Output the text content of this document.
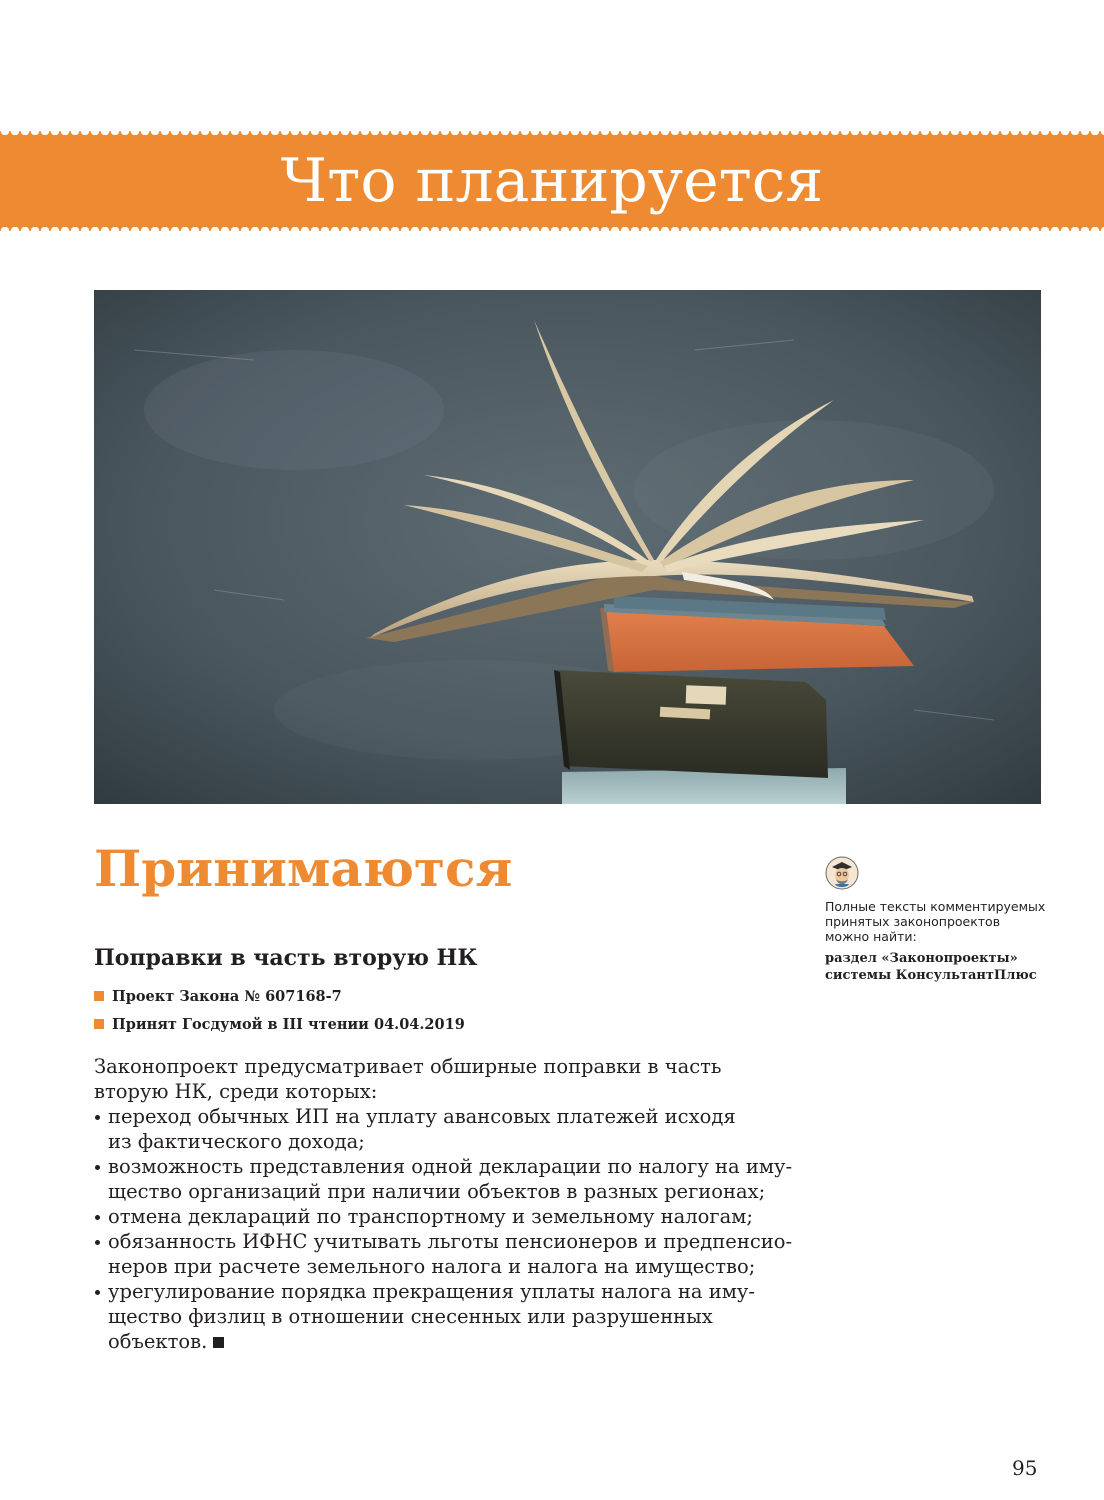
Что планируется
Принимаются
Поправки в часть вторую НК
Проект Закона № 607168-7
Принят Госдумой в III чтении 04.04.2019

Законопроект предусматривает обширные поправки в часть
вторую НК, среди которых:

переход обычных ИП на уплату авансовых платежей исходя
из фактического дохода;
возможность представления одной декларации по налогу на иму-
щество организаций при наличии объектов в разных регионах;
отмена деклараций по транспортному и земельному налогам;
обязанность ИФНС учитывать льготы пенсионеров и предпенсио-
неров при расчете земельного налога и налога на имущество;
урегулирование порядка прекращения уплаты налога на иму-
щество физлиц в отношении снесенных или разрушенных
объектов.
Полные тексты комментируемых
принятых законопроектов
можно найти:
раздел «Законопроекты»
системы КонсультантПлюс
95
